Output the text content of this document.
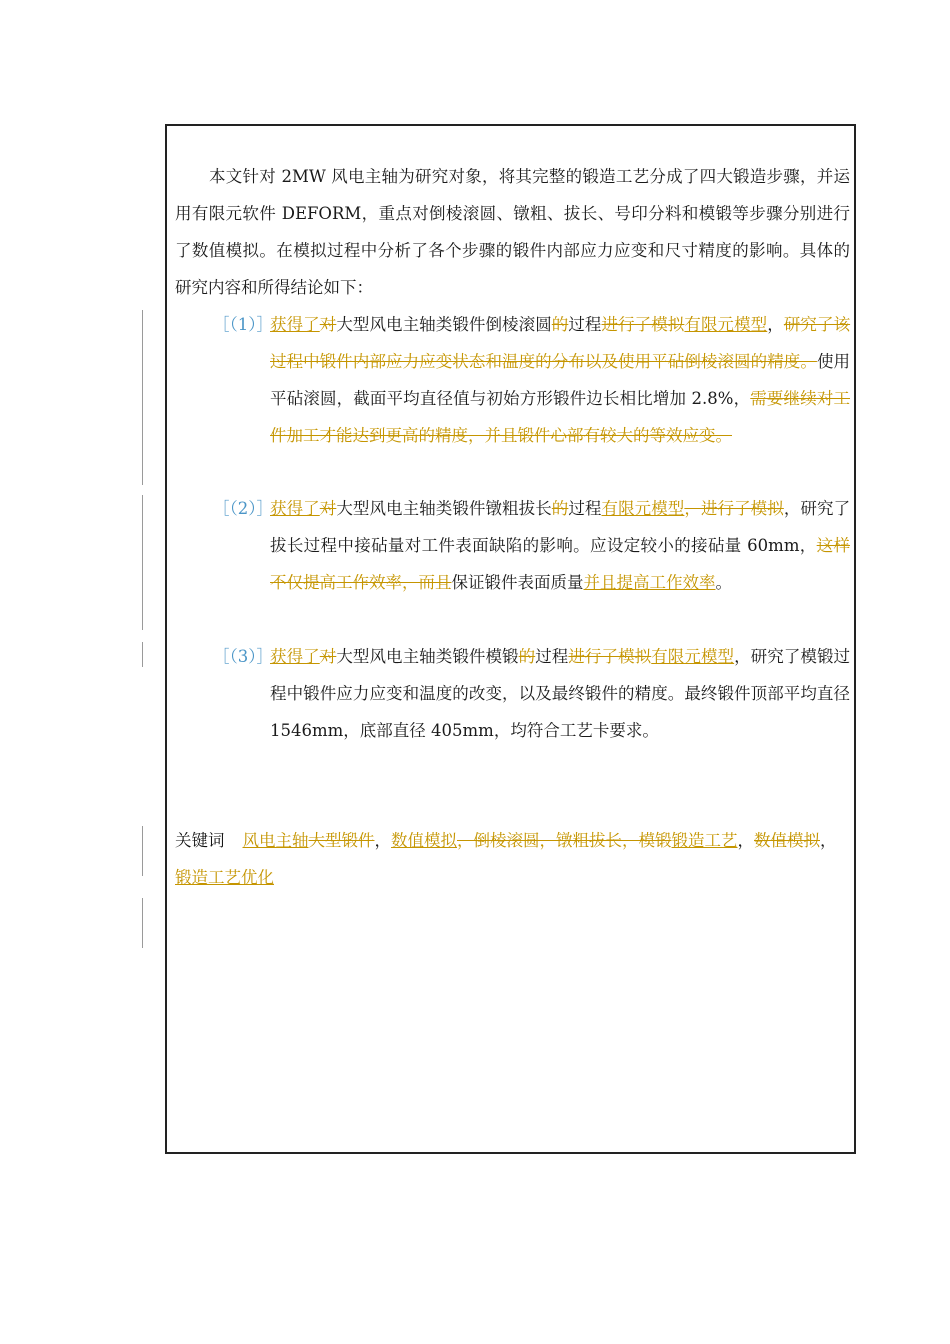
本文针对 2MW 风电主轴为研究对象，将其完整的锻造工艺分成了四大锻造步骤，并运用有限元软件 DEFORM，重点对倒棱滚圆、镦粗、拔长、号印分料和模锻等步骤分别进行了数值模拟。在模拟过程中分析了各个步骤的锻件内部应力应变和尺寸精度的影响。具体的研究内容和所得结论如下：

［（1）］

获得了对大型风电主轴类锻件倒棱滚圆的过程进行了模拟有限元模型，研究了该过程中锻件内部应力应变状态和温度的分布以及使用平砧倒棱滚圆的精度。使用平砧滚圆，截面平均直径值与初始方形锻件边长相比增加 2.8%，需要继续对工件加工才能达到更高的精度，并且锻件心部有较大的等效应变。

［（2）］

获得了对大型风电主轴类锻件镦粗拔长的过程有限元模型，进行了模拟，研究了拔长过程中接砧量对工件表面缺陷的影响。应设定较小的接砧量 60mm，这样不仅提高工作效率，而且保证锻件表面质量并且提高工作效率。

［（3）］

获得了对大型风电主轴类锻件模锻的过程进行了模拟有限元模型，研究了模锻过程中锻件应力应变和温度的改变，以及最终锻件的精度。最终锻件顶部平均直径 1546mm，底部直径 405mm，均符合工艺卡要求。

关键词 风电主轴大型锻件，数值模拟，倒棱滚圆，镦粗拔长，模锻锻造工艺，数值模拟，锻造工艺优化
